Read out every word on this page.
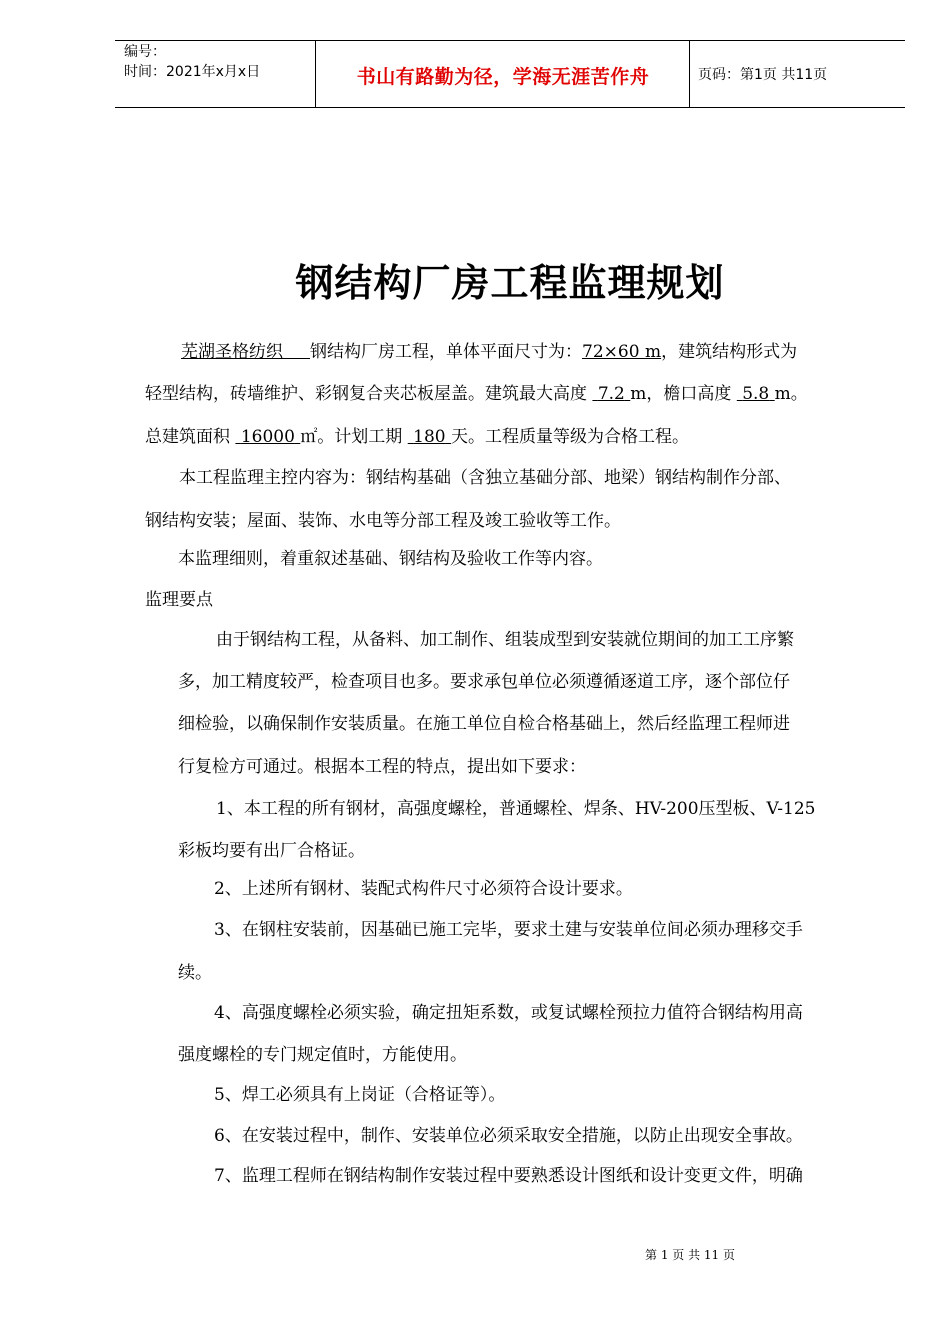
编号：
时间：2021年x月x日	书山有路勤为径，学海无涯苦作舟	页码：第1页 共11页
钢结构厂房工程监理规划
芜湖圣格纺织 钢结构厂房工程，单体平面尺寸为：72×60 m，建筑结构形式为
轻型结构，砖墙维护、彩钢复合夹芯板屋盖。建筑最大高度 7.2 m，檐口高度 5.8 m。
总建筑面积 16000 ㎡。计划工期 180 天。工程质量等级为合格工程。
本工程监理主控内容为：钢结构基础（含独立基础分部、地梁）钢结构制作分部、
钢结构安装；屋面、装饰、水电等分部工程及竣工验收等工作。
本监理细则，着重叙述基础、钢结构及验收工作等内容。
监理要点
由于钢结构工程，从备料、加工制作、组装成型到安装就位期间的加工工序繁
多，加工精度较严，检查项目也多。要求承包单位必须遵循逐道工序，逐个部位仔
细检验，以确保制作安装质量。在施工单位自检合格基础上，然后经监理工程师进
行复检方可通过。根据本工程的特点，提出如下要求：
1、本工程的所有钢材，高强度螺栓，普通螺栓、焊条、HV-200压型板、V-125
彩板均要有出厂合格证。
2、上述所有钢材、装配式构件尺寸必须符合设计要求。
3、在钢柱安装前，因基础已施工完毕，要求土建与安装单位间必须办理移交手
续。
4、高强度螺栓必须实验，确定扭矩系数，或复试螺栓预拉力值符合钢结构用高
强度螺栓的专门规定值时，方能使用。
5、焊工必须具有上岗证（合格证等）。
6、在安装过程中，制作、安装单位必须采取安全措施，以防止出现安全事故。
7、监理工程师在钢结构制作安装过程中要熟悉设计图纸和设计变更文件，明确
第 1 页 共 11 页
